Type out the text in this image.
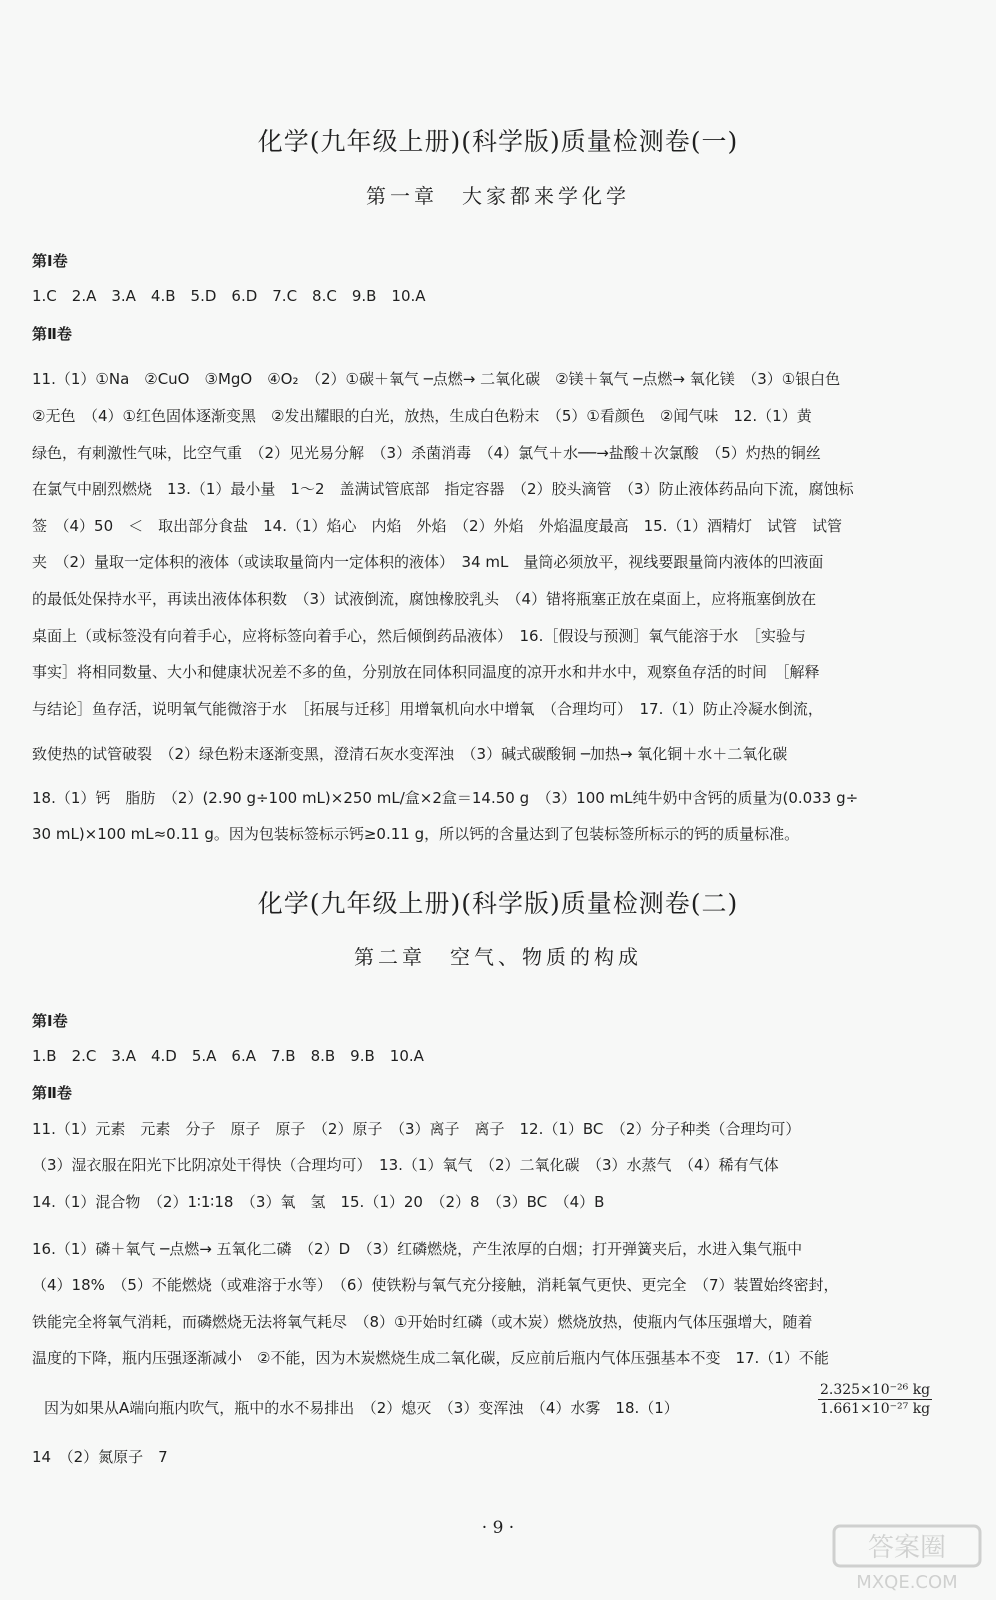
化学(九年级上册)(科学版)质量检测卷(一)
第一章　大家都来学化学
第Ⅰ卷
1.C　2.A　3.A　4.B　5.D　6.D　7.C　8.C　9.B　10.A
第Ⅱ卷
11.（1）①Na　②CuO　③MgO　④O₂　（2）①碳＋氧气 ─点燃→ 二氧化碳　②镁＋氧气 ─点燃→ 氧化镁　（3）①银白色
②无色　（4）①红色固体逐渐变黑　②发出耀眼的白光，放热，生成白色粉末　（5）①看颜色　②闻气味　12.（1）黄
绿色，有刺激性气味，比空气重　（2）见光易分解　（3）杀菌消毒　（4）氯气＋水──→盐酸＋次氯酸　（5）灼热的铜丝
在氯气中剧烈燃烧　13.（1）最小量　1～2　盖满试管底部　指定容器　（2）胶头滴管　（3）防止液体药品向下流，腐蚀标
签　（4）50　＜　取出部分食盐　14.（1）焰心　内焰　外焰　（2）外焰　外焰温度最高　15.（1）酒精灯　试管　试管
夹　（2）量取一定体积的液体（或读取量筒内一定体积的液体）　34 mL　量筒必须放平，视线要跟量筒内液体的凹液面
的最低处保持水平，再读出液体体积数　（3）试液倒流，腐蚀橡胶乳头　（4）错将瓶塞正放在桌面上，应将瓶塞倒放在
桌面上（或标签没有向着手心，应将标签向着手心，然后倾倒药品液体）　16.［假设与预测］氧气能溶于水　［实验与
事实］将相同数量、大小和健康状况差不多的鱼，分别放在同体积同温度的凉开水和井水中，观察鱼存活的时间　［解释
与结论］鱼存活，说明氧气能微溶于水　［拓展与迁移］用增氧机向水中增氧　（合理均可）　17.（1）防止冷凝水倒流，
致使热的试管破裂　（2）绿色粉末逐渐变黑，澄清石灰水变浑浊　（3）碱式碳酸铜 ─加热→ 氧化铜＋水＋二氧化碳
18.（1）钙　脂肪　（2）(2.90 g÷100 mL)×250 mL/盒×2盒＝14.50 g　（3）100 mL纯牛奶中含钙的质量为(0.033 g÷
30 mL)×100 mL≈0.11 g。因为包装标签标示钙≥0.11 g，所以钙的含量达到了包装标签所标示的钙的质量标准。
化学(九年级上册)(科学版)质量检测卷(二)
第二章　空气、物质的构成
第Ⅰ卷
1.B　2.C　3.A　4.D　5.A　6.A　7.B　8.B　9.B　10.A
第Ⅱ卷
11.（1）元素　元素　分子　原子　原子　（2）原子　（3）离子　离子　12.（1）BC　（2）分子种类（合理均可）
（3）湿衣服在阳光下比阴凉处干得快（合理均可）　13.（1）氧气　（2）二氧化碳　（3）水蒸气　（4）稀有气体
14.（1）混合物　（2）1∶1∶18　（3）氧　氢　15.（1）20　（2）8　（3）BC　（4）B
16.（1）磷＋氧气 ─点燃→ 五氧化二磷　（2）D　（3）红磷燃烧，产生浓厚的白烟；打开弹簧夹后，水进入集气瓶中
（4）18%　（5）不能燃烧（或难溶于水等）　（6）使铁粉与氧气充分接触，消耗氧气更快、更完全　（7）装置始终密封，
铁能完全将氧气消耗，而磷燃烧无法将氧气耗尽　（8）①开始时红磷（或木炭）燃烧放热，使瓶内气体压强增大，随着
温度的下降，瓶内压强逐渐减小　②不能，因为木炭燃烧生成二氧化碳，反应前后瓶内气体压强基本不变　17.（1）不能
因为如果从A端向瓶内吹气，瓶中的水不易排出　（2）熄灭　（3）变浑浊　（4）水雾　18.（1）	$\frac{\text{2.325×10⁻²⁶ kg}}{\text{1.661×10⁻²⁷ kg}}$
14　（2）氮原子　7
· 9 ·
答案圈
MXQE.COM
